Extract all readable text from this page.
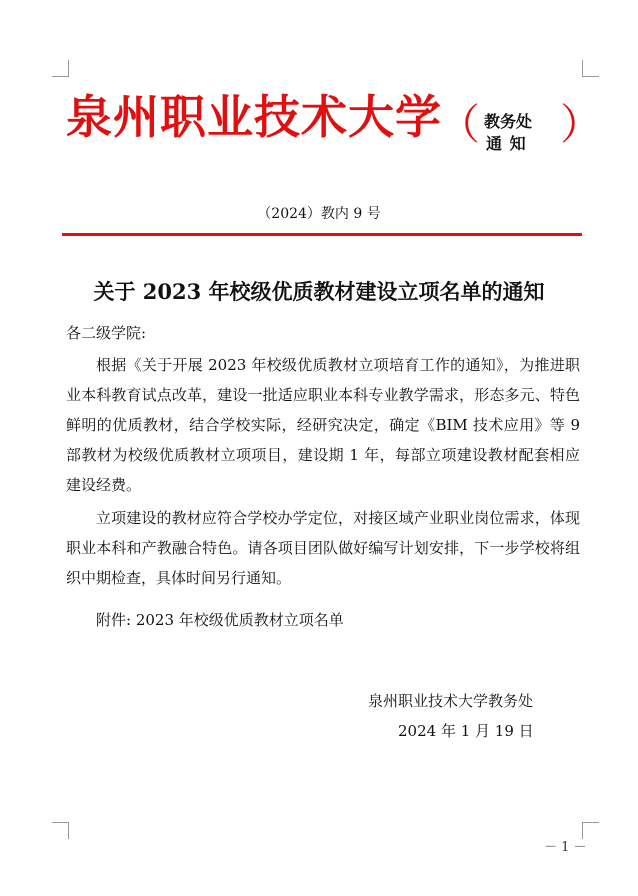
泉州职业技术大学
（ 教务处
通 知 ）
（2024）教内 9 号
关于 2023 年校级优质教材建设立项名单的通知
各二级学院:
根据《关于开展 2023 年校级优质教材立项培育工作的通知》，为推进职业本科教育试点改革，建设一批适应职业本科专业教学需求，形态多元、特色鲜明的优质教材，结合学校实际，经研究决定，确定《BIM 技术应用》等 9 部教材为校级优质教材立项项目，建设期 1 年，每部立项建设教材配套相应建设经费。
立项建设的教材应符合学校办学定位，对接区域产业职业岗位需求，体现职业本科和产教融合特色。请各项目团队做好编写计划安排，下一步学校将组织中期检查，具体时间另行通知。
附件: 2023 年校级优质教材立项名单
泉州职业技术大学教务处
2024 年 1 月 19 日
－ 1 －
